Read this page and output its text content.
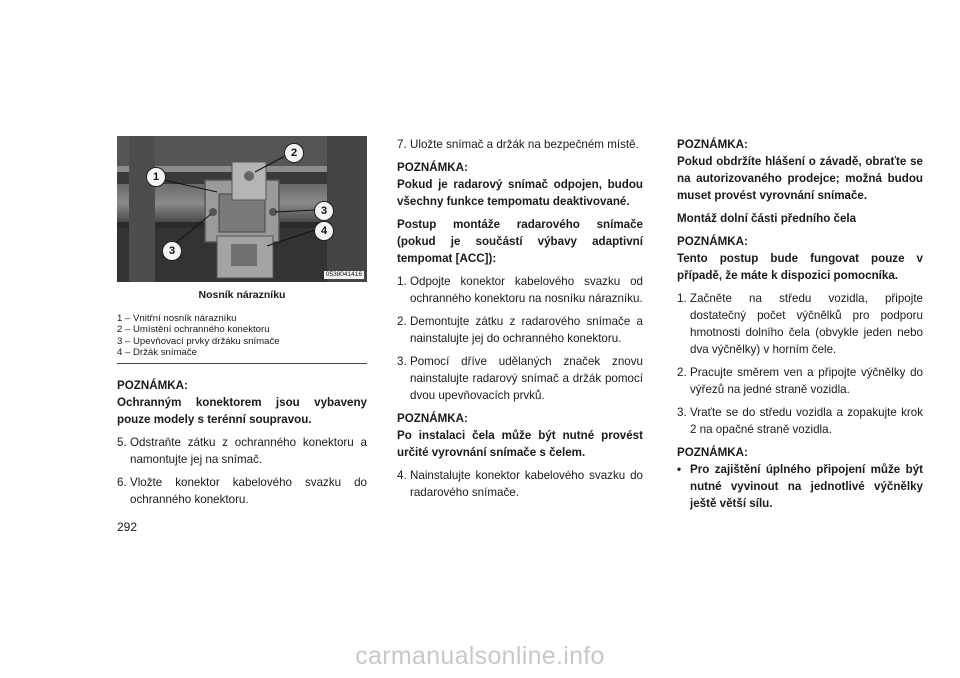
1
2
3
4
3
0538041416
Nosník nárazníku
1 – Vnitřní nosník nárazníku
2 – Umístění ochranného konektoru
3 – Upevňovací prvky držáku snímače
4 – Držák snímače

POZNÁMKA:

Ochranným konektorem jsou vybaveny pouze modely s terénní soupravou.

5. Odstraňte zátku z ochranného konektoru a namontujte jej na snímač.
6. Vložte konektor kabelového svazku do ochranného konektoru.
7. Uložte snímač a držák na bezpečném místě.

POZNÁMKA:

Pokud je radarový snímač odpojen, budou všechny funkce tempomatu deaktivované.

Postup montáže radarového snímače (pokud je součástí výbavy adaptivní tempomat [ACC]):

1. Odpojte konektor kabelového svazku od ochranného konektoru na nosníku nárazníku.
2. Demontujte zátku z radarového snímače a nainstalujte jej do ochranného konektoru.
3. Pomocí dříve udělaných značek znovu nainstalujte radarový snímač a držák pomocí dvou upevňovacích prvků.

POZNÁMKA:

Po instalaci čela může být nutné provést určité vyrovnání snímače s čelem.

4. Nainstalujte konektor kabelového svazku do radarového snímače.

POZNÁMKA:

Pokud obdržíte hlášení o závadě, obraťte se na autorizovaného prodejce; možná budou muset provést vyrovnání snímače.

Montáž dolní části předního čela

POZNÁMKA:

Tento postup bude fungovat pouze v případě, že máte k dispozici pomocníka.

1. Začněte na středu vozidla, připojte dostatečný počet výčnělků pro podporu hmotnosti dolního čela (obvykle jeden nebo dva výčnělky) v horním čele.
2. Pracujte směrem ven a připojte výčnělky do výřezů na jedné straně vozidla.
3. Vraťte se do středu vozidla a zopakujte krok 2 na opačné straně vozidla.

POZNÁMKA:

• Pro zajištění úplného připojení může být nutné vyvinout na jednotlivé výčnělky ještě větší sílu.
292
carmanualsonline.info
